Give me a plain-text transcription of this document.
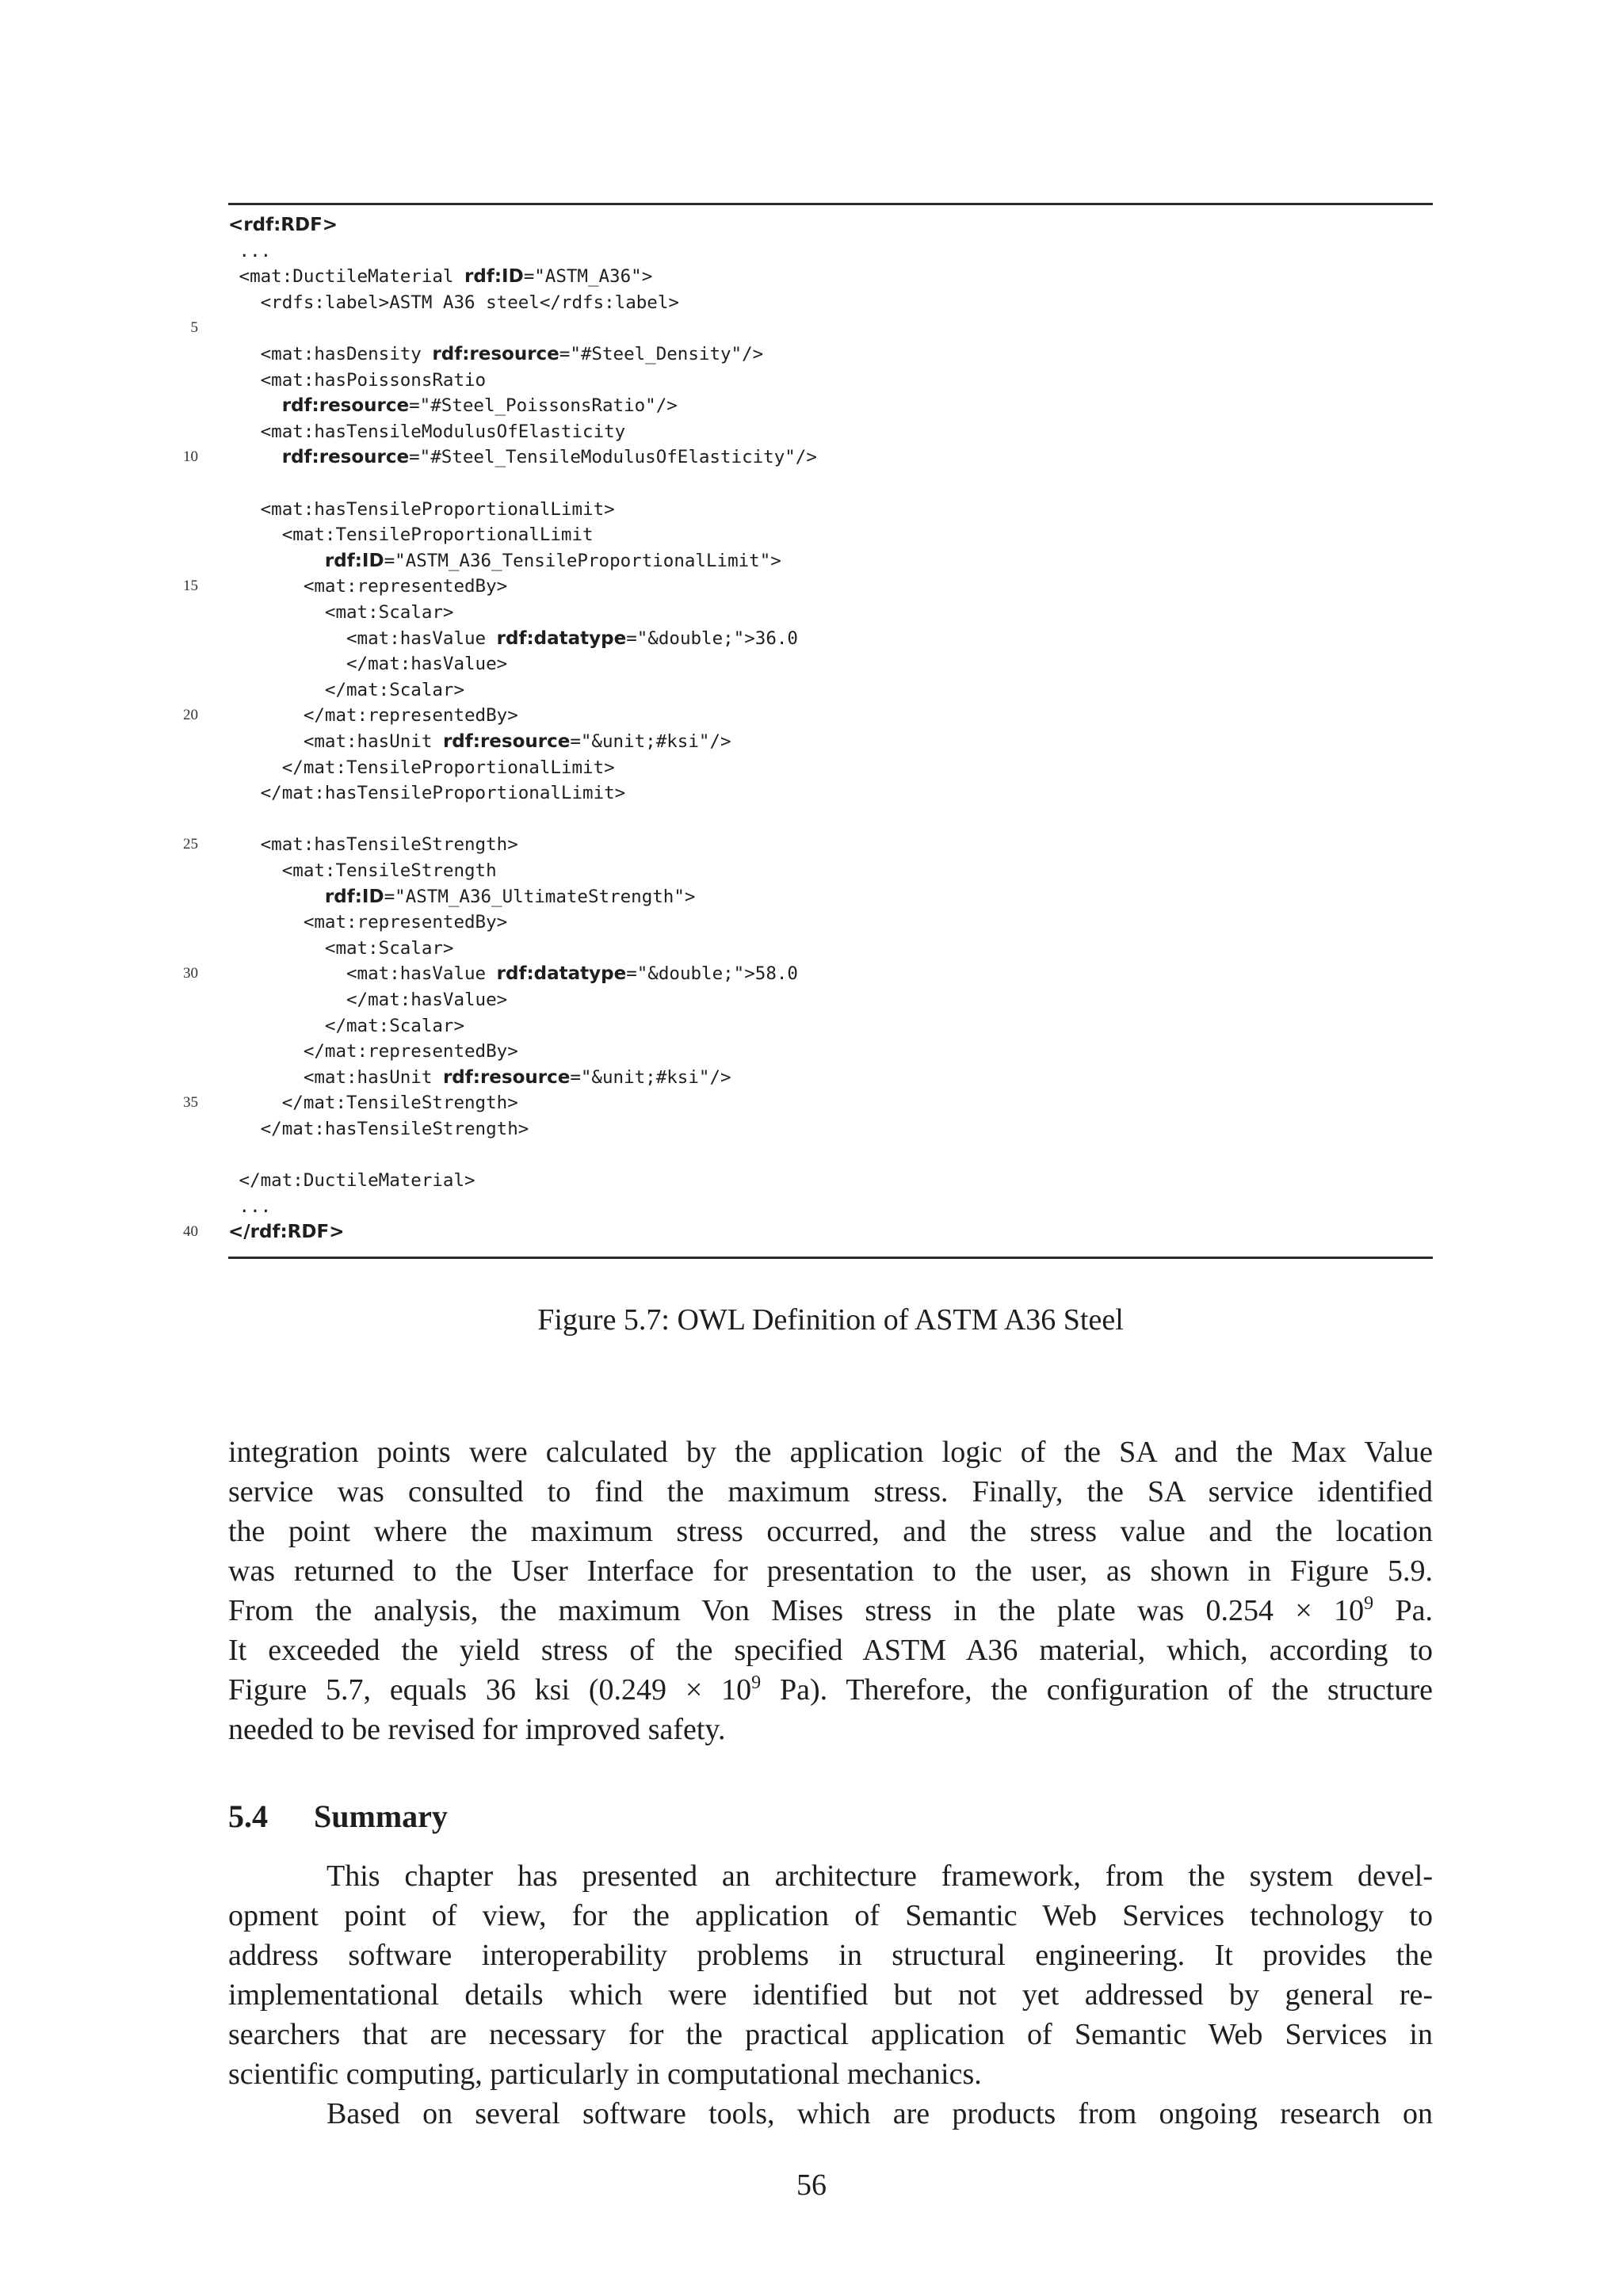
<rdf:RDF>
...
<mat:DuctileMaterial rdf:ID="ASTM_A36">
<rdfs:label>ASTM A36 steel</rdfs:label>
5
<mat:hasDensity rdf:resource="#Steel_Density"/>
<mat:hasPoissonsRatio
rdf:resource="#Steel_PoissonsRatio"/>
<mat:hasTensileModulusOfElasticity
10	rdf:resource="#Steel_TensileModulusOfElasticity"/>
<mat:hasTensileProportionalLimit>
<mat:TensileProportionalLimit
rdf:ID="ASTM_A36_TensileProportionalLimit">
15 <mat:representedBy>
<mat:Scalar>
<mat:hasValue rdf:datatype="&double;">36.0
</mat:hasValue>
</mat:Scalar>
20 </mat:representedBy>
<mat:hasUnit rdf:resource="&unit;#ksi"/>
</mat:TensileProportionalLimit>
</mat:hasTensileProportionalLimit>
25 <mat:hasTensileStrength>
<mat:TensileStrength
rdf:ID="ASTM_A36_UltimateStrength">
<mat:representedBy>
<mat:Scalar>
30 <mat:hasValue rdf:datatype="&double;">58.0
</mat:hasValue>
</mat:Scalar>
</mat:representedBy>
<mat:hasUnit rdf:resource="&unit;#ksi"/>
35 </mat:TensileStrength>
</mat:hasTensileStrength>
</mat:DuctileMaterial>
...
40 </rdf:RDF>
Figure 5.7: OWL Definition of ASTM A36 Steel
integration points were calculated by the application logic of the SA and the Max Value
service was consulted to find the maximum stress. Finally, the SA service identified
the point where the maximum stress occurred, and the stress value and the location
was returned to the User Interface for presentation to the user, as shown in Figure 5.9.
From the analysis, the maximum Von Mises stress in the plate was $0.254 \times 10^9$ Pa.
It exceeded the yield stress of the specified ASTM A36 material, which, according to
Figure 5.7, equals 36 ksi ($0.249 \times 10^9$ Pa). Therefore, the configuration of the structure
needed to be revised for improved safety.
5.4 Summary
This chapter has presented an architecture framework, from the system devel-
opment point of view, for the application of Semantic Web Services technology to
address software interoperability problems in structural engineering. It provides the
implementational details which were identified but not yet addressed by general re-
searchers that are necessary for the practical application of Semantic Web Services in
scientific computing, particularly in computational mechanics.
Based on several software tools, which are products from ongoing research on
56
